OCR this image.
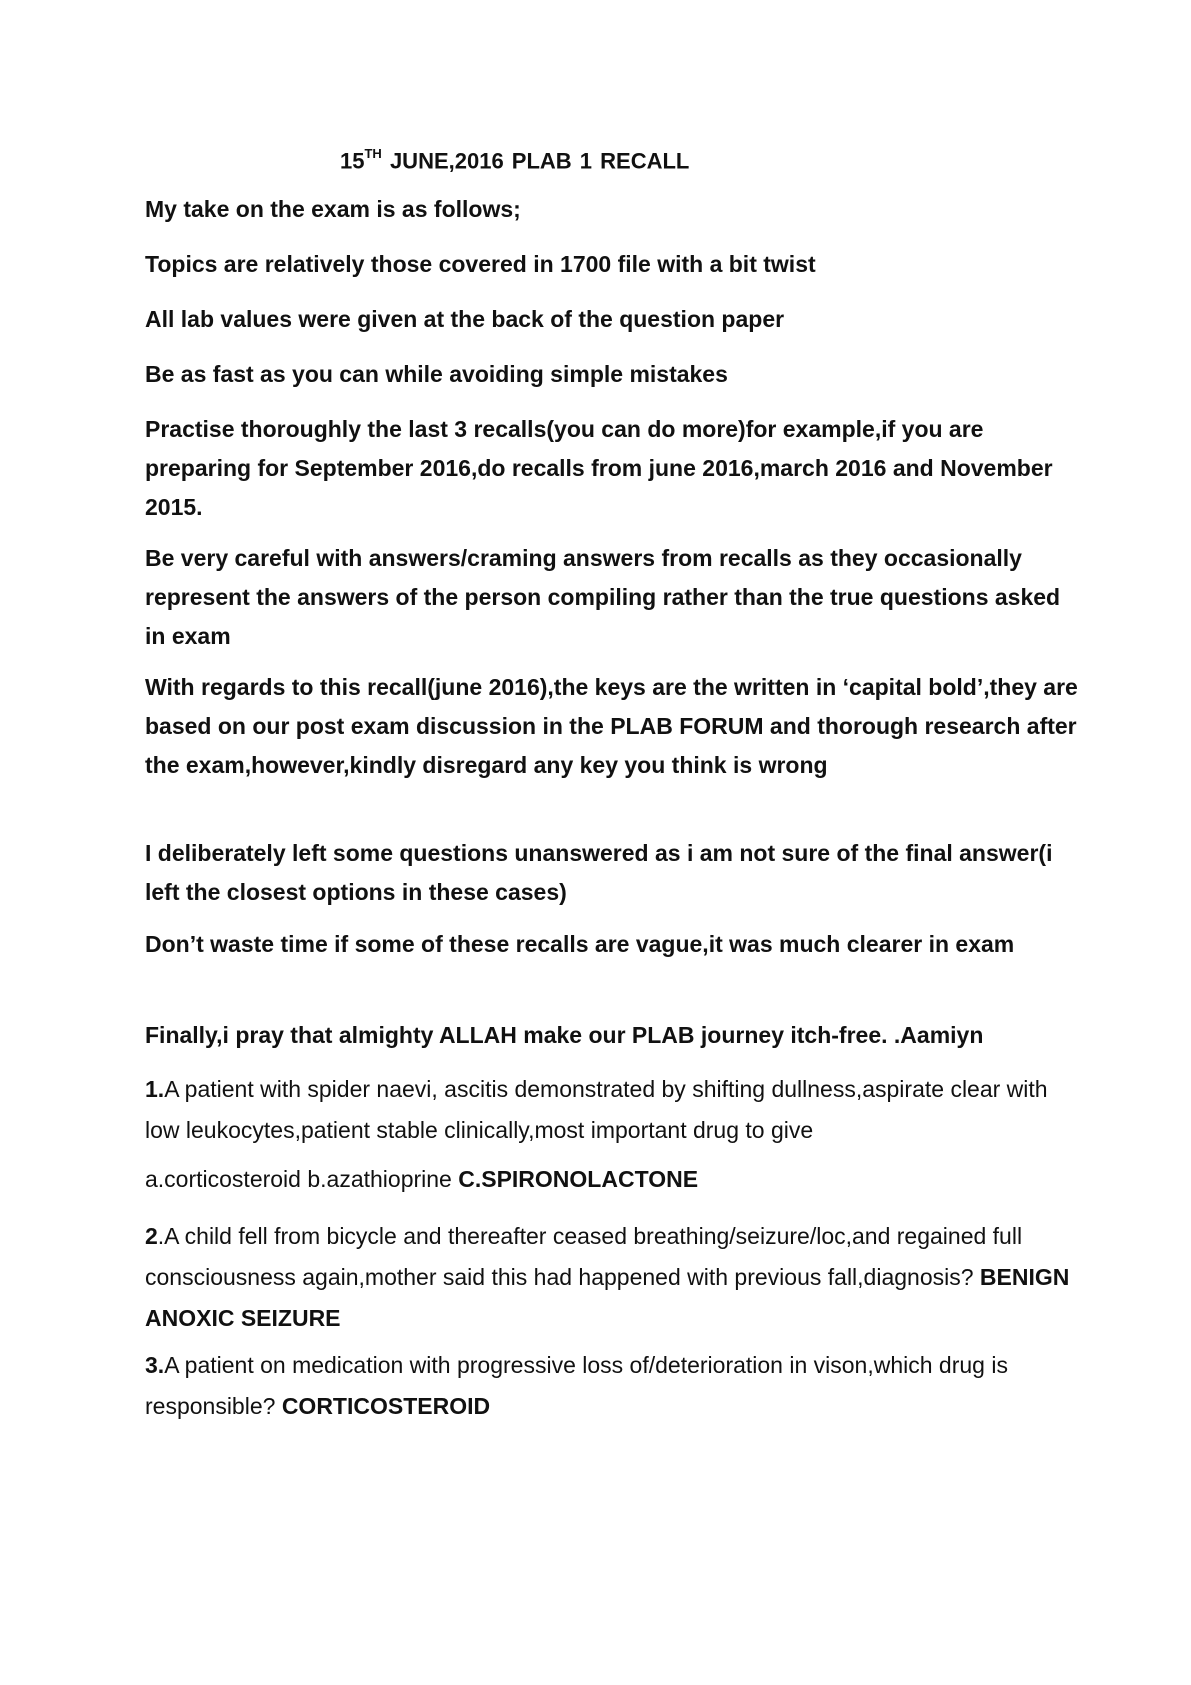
15TH JUNE,2016 PLAB 1 RECALL

My take on the exam is as follows;

Topics are relatively those covered in 1700 file with a bit twist

All lab values were given at the back of the question paper

Be as fast as you can while avoiding simple mistakes

Practise thoroughly the last 3 recalls(you can do more)for example,if you are preparing for September 2016,do recalls from june 2016,march 2016 and November 2015.

Be very careful with answers/craming answers from recalls as they occasionally represent the answers of the person compiling rather than the true questions asked in exam

With regards to this recall(june 2016),the keys are the written in ‘capital bold’,they are based on our post exam discussion in the PLAB FORUM and thorough research after the exam,however,kindly disregard any key you think is wrong

I deliberately left some questions unanswered as i am not sure of the final answer(i left the closest options in these cases)

Don’t waste time if some of these recalls are vague,it was much clearer in exam

Finally,i pray that almighty ALLAH make our PLAB journey itch-free. .Aamiyn

1.A patient with spider naevi, ascitis demonstrated by shifting dullness,aspirate clear with low leukocytes,patient stable clinically,most important drug to give

a.corticosteroid b.azathioprine C.SPIRONOLACTONE

2.A child fell from bicycle and thereafter ceased breathing/seizure/loc,and regained full consciousness again,mother said this had happened with previous fall,diagnosis? BENIGN ANOXIC SEIZURE

3.A patient on medication with progressive loss of/deterioration in vison,which drug is responsible? CORTICOSTEROID
